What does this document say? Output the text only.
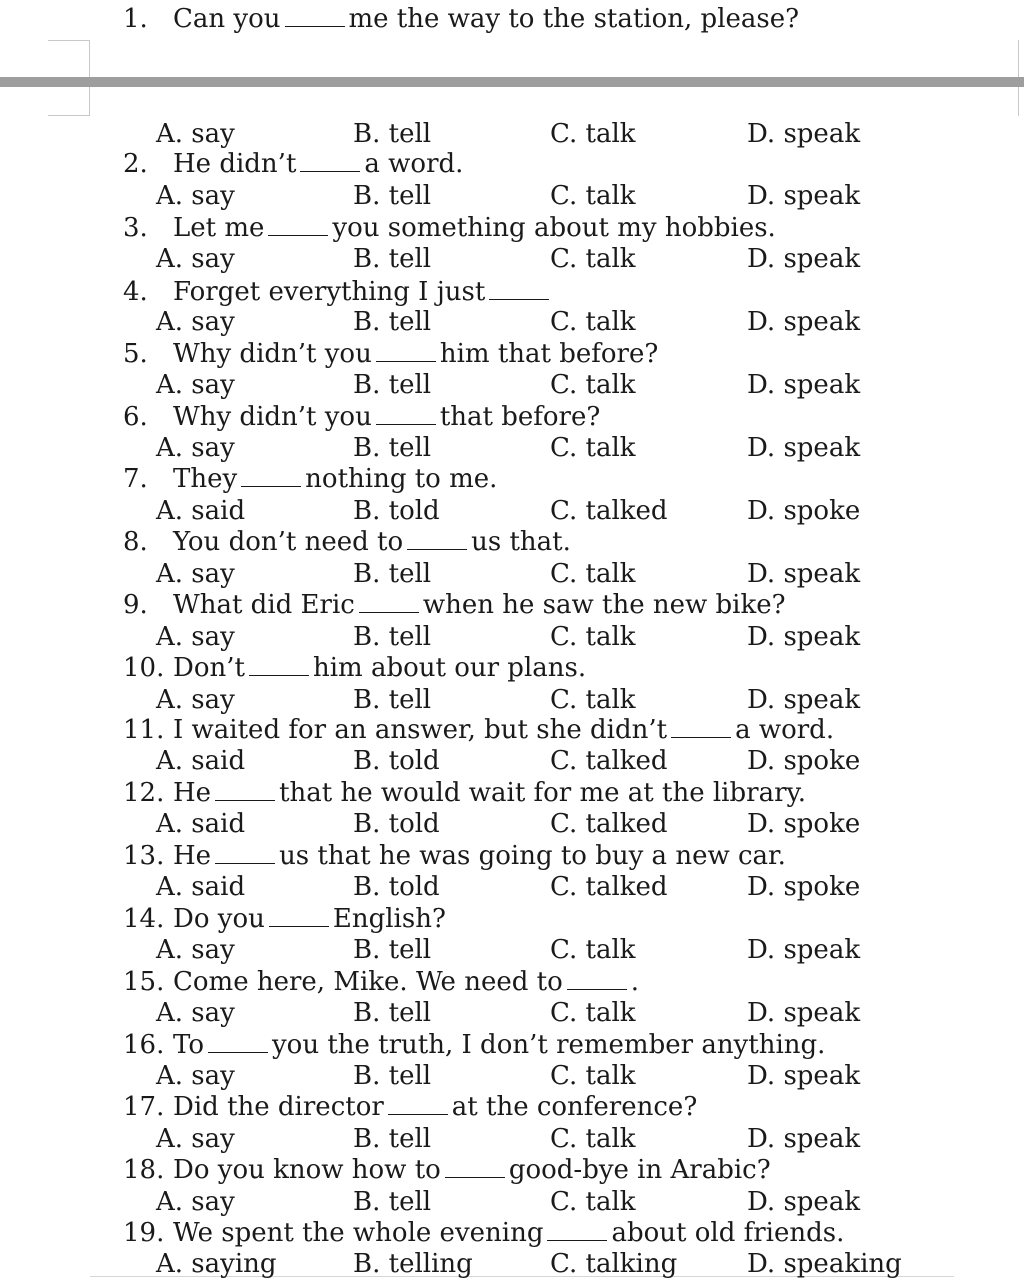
1. Can you	me the way to the station, please?
A. say	B. tell	C. talk	D. speak
2. He didn’t	a word.
A. say	B. tell	C. talk	D. speak
3. Let me	you something about my hobbies.
A. say	B. tell	C. talk	D. speak
4. Forget everything I just
A. say	B. tell	C. talk	D. speak
5. Why didn’t you	him that before?
A. say	B. tell	C. talk	D. speak
6. Why didn’t you	that before?
A. say	B. tell	C. talk	D. speak
7. They	nothing to me.
A. said	B. told	C. talked	D. spoke
8. You don’t need to	us that.
A. say	B. tell	C. talk	D. speak
9. What did Eric	when he saw the new bike?
A. say	B. tell	C. talk	D. speak
10. Don’t	him about our plans.
A. say	B. tell	C. talk	D. speak
11. I waited for an answer, but she didn’t	a word.
A. said	B. told	C. talked	D. spoke
12. He	that he would wait for me at the library.
A. said	B. told	C. talked	D. spoke
13. He	us that he was going to buy a new car.
A. said	B. told	C. talked	D. spoke
14. Do you	English?
A. say	B. tell	C. talk	D. speak
15. Come here, Mike. We need to	.
A. say	B. tell	C. talk	D. speak
16. To	you the truth, I don’t remember anything.
A. say	B. tell	C. talk	D. speak
17. Did the director	at the conference?
A. say	B. tell	C. talk	D. speak
18. Do you know how to	good-bye in Arabic?
A. say	B. tell	C. talk	D. speak
19. We spent the whole evening	about old friends.
A. saying	B. telling	C. talking	D. speaking
